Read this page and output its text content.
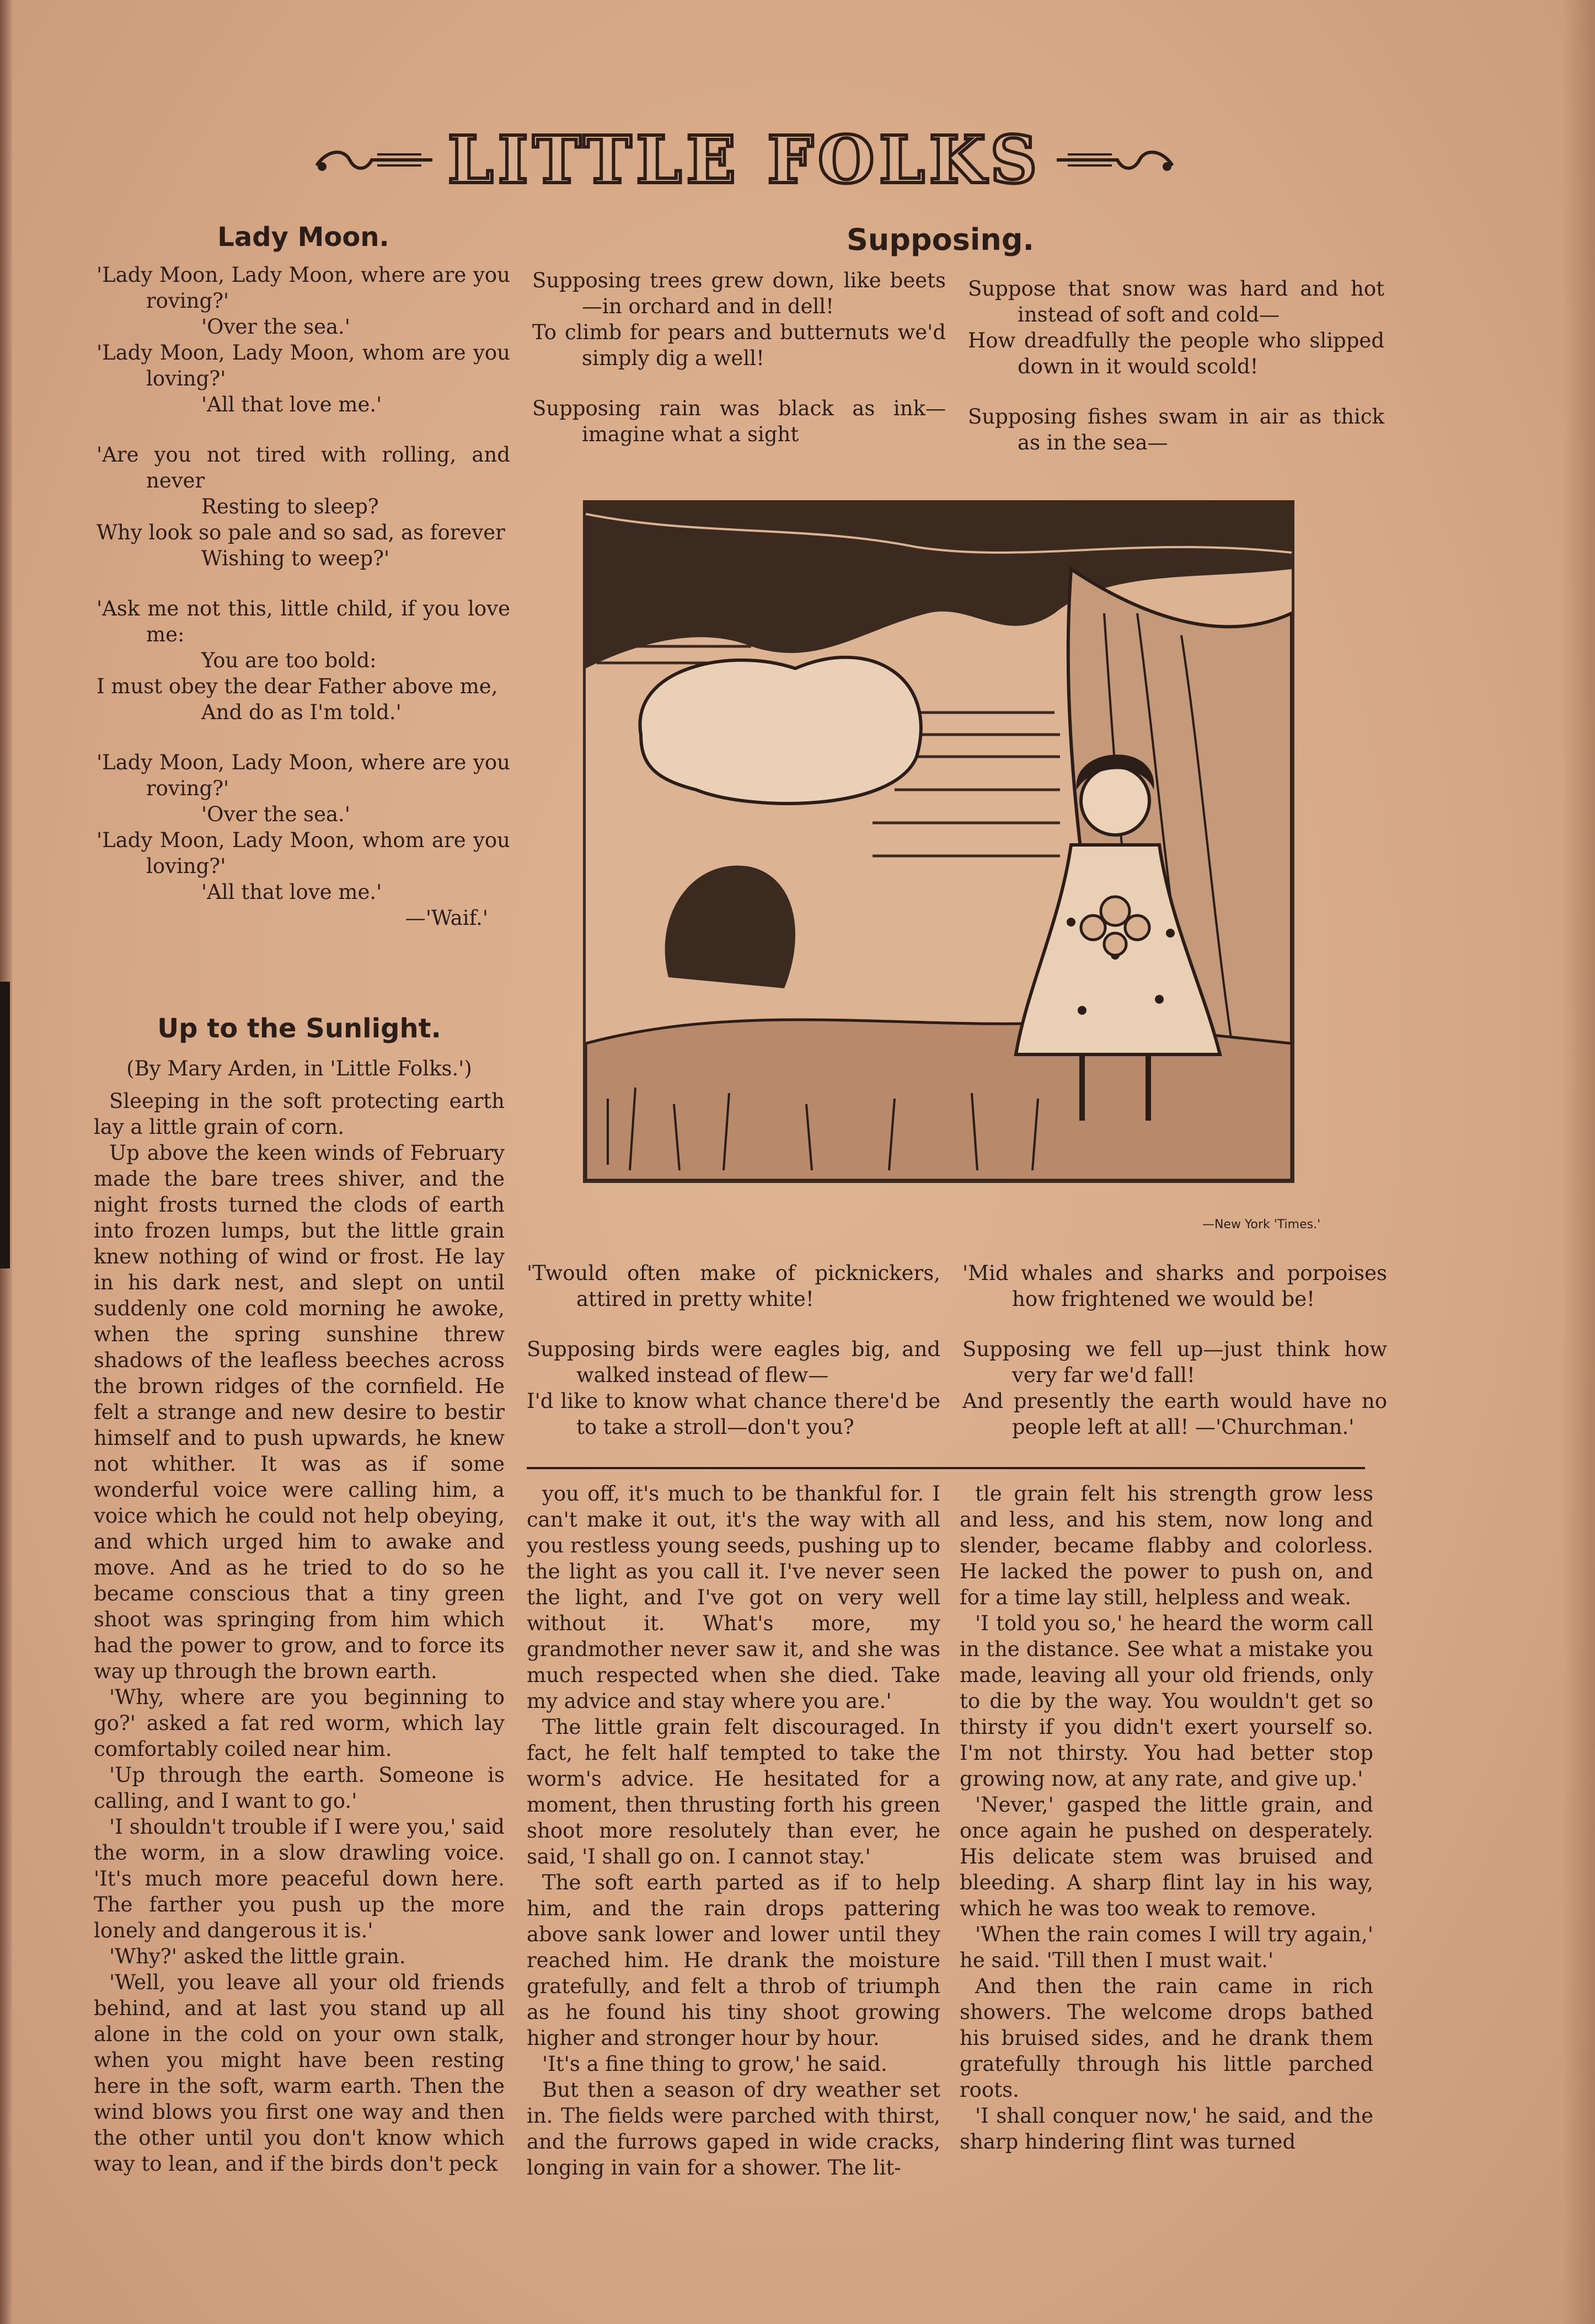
LITTLE FOLKS
Lady Moon.

'Lady Moon, Lady Moon, where are you roving?'

'Over the sea.'

'Lady Moon, Lady Moon, whom are you loving?'

'All that love me.'

'Are you not tired with rolling, and never

Resting to sleep?

Why look so pale and so sad, as forever

Wishing to weep?'

'Ask me not this, little child, if you love me:

You are too bold:

I must obey the dear Father above me,

And do as I'm told.'

'Lady Moon, Lady Moon, where are you roving?'

'Over the sea.'

'Lady Moon, Lady Moon, whom are you loving?'

'All that love me.'

—'Waif.'

Up to the Sunlight.

(By Mary Arden, in 'Little Folks.')

Sleeping in the soft protecting earth lay a little grain of corn.

Up above the keen winds of February made the bare trees shiver, and the night frosts turned the clods of earth into frozen lumps, but the little grain knew nothing of wind or frost. He lay in his dark nest, and slept on until suddenly one cold morning he awoke, when the spring sunshine threw shadows of the leafless beeches across the brown ridges of the cornfield. He felt a strange and new desire to bestir himself and to push upwards, he knew not whither. It was as if some wonderful voice were calling him, a voice which he could not help obeying, and which urged him to awake and move. And as he tried to do so he became conscious that a tiny green shoot was springing from him which had the power to grow, and to force its way up through the brown earth.

'Why, where are you beginning to go?' asked a fat red worm, which lay comfortably coiled near him.

'Up through the earth. Someone is calling, and I want to go.'

'I shouldn't trouble if I were you,' said the worm, in a slow drawling voice. 'It's much more peaceful down here. The farther you push up the more lonely and dangerous it is.'

'Why?' asked the little grain.

'Well, you leave all your old friends behind, and at last you stand up all alone in the cold on your own stalk, when you might have been resting here in the soft, warm earth. Then the wind blows you first one way and then the other until you don't know which way to lean, and if the birds don't peck

Supposing.

Supposing trees grew down, like beets—in orchard and in dell!

To climb for pears and butternuts we'd simply dig a well!

Supposing rain was black as ink—imagine what a sight

Suppose that snow was hard and hot instead of soft and cold—

How dreadfully the people who slipped down in it would scold!

Supposing fishes swam in air as thick as in the sea—

—New York 'Times.'

'Twould often make of picknickers, attired in pretty white!

Supposing birds were eagles big, and walked instead of flew—

I'd like to know what chance there'd be to take a stroll—don't you?

'Mid whales and sharks and porpoises how frightened we would be!

Supposing we fell up—just think how very far we'd fall!

And presently the earth would have no people left at all! —'Churchman.'

you off, it's much to be thankful for. I can't make it out, it's the way with all you restless young seeds, pushing up to the light as you call it. I've never seen the light, and I've got on very well without it. What's more, my grandmother never saw it, and she was much respected when she died. Take my advice and stay where you are.'

The little grain felt discouraged. In fact, he felt half tempted to take the worm's advice. He hesitated for a moment, then thrusting forth his green shoot more resolutely than ever, he said, 'I shall go on. I cannot stay.'

The soft earth parted as if to help him, and the rain drops pattering above sank lower and lower until they reached him. He drank the moisture gratefully, and felt a throb of triumph as he found his tiny shoot growing higher and stronger hour by hour.

'It's a fine thing to grow,' he said.

But then a season of dry weather set in. The fields were parched with thirst, and the furrows gaped in wide cracks, longing in vain for a shower. The lit-

tle grain felt his strength grow less and less, and his stem, now long and slender, became flabby and colorless. He lacked the power to push on, and for a time lay still, helpless and weak.

'I told you so,' he heard the worm call in the distance. See what a mistake you made, leaving all your old friends, only to die by the way. You wouldn't get so thirsty if you didn't exert yourself so. I'm not thirsty. You had better stop growing now, at any rate, and give up.'

'Never,' gasped the little grain, and once again he pushed on desperately. His delicate stem was bruised and bleeding. A sharp flint lay in his way, which he was too weak to remove.

'When the rain comes I will try again,' he said. 'Till then I must wait.'

And then the rain came in rich showers. The welcome drops bathed his bruised sides, and he drank them gratefully through his little parched roots.

'I shall conquer now,' he said, and the sharp hindering flint was turned
